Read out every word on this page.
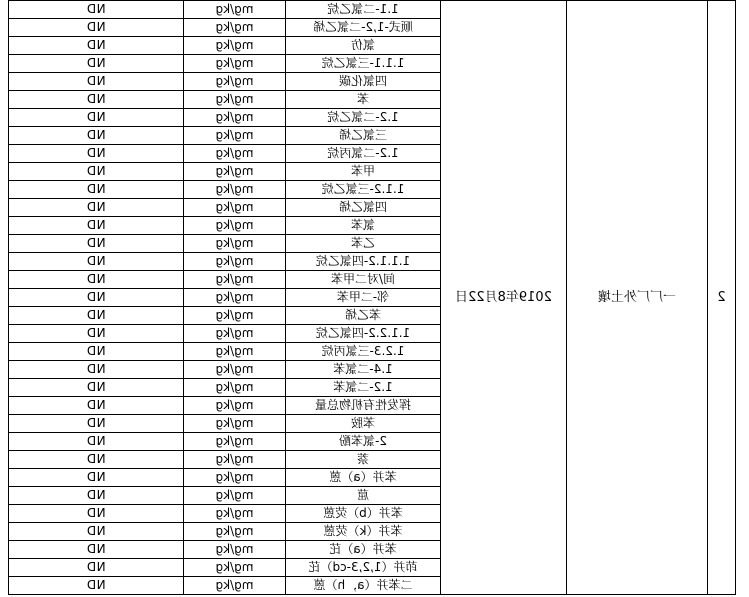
2	一厂厂外土壤	2019年8月22日	1.1-二氯乙烷	mg/kg	ND
			顺式-1,2-二氯乙烯	mg/kg	ND
			氯仿	mg/kg	ND
			1.1.1-三氯乙烷	mg/kg	ND
			四氯化碳	mg/kg	ND
			苯	mg/kg	ND
			1.2-二氯乙烷	mg/kg	ND
			三氯乙烯	mg/kg	ND
			1.2-二氯丙烷	mg/kg	ND
			甲苯	mg/kg	ND
			1.1.2-三氯乙烷	mg/kg	ND
			四氯乙烯	mg/kg	ND
			氯苯	mg/kg	ND
			乙苯	mg/kg	ND
			1.1.1.2-四氯乙烷	mg/kg	ND
			间/对二甲苯	mg/kg	ND
			邻-二甲苯	mg/kg	ND
			苯乙烯	mg/kg	ND
			1.1.2.2-四氯乙烷	mg/kg	ND
			1.2.3-三氯丙烷	mg/kg	ND
			1.4-二氯苯	mg/kg	ND
			1.2-二氯苯	mg/kg	ND
			挥发性有机物总量	mg/kg	ND
			苯胺	mg/kg	ND
			2-氯苯酚	mg/kg	ND
			萘	mg/kg	ND
			苯并（a）蒽	mg/kg	ND
			䓛	mg/kg	ND
			苯并（b）荧蒽	mg/kg	ND
			苯并（k）荧蒽	mg/kg	ND
			苯并（a）芘	mg/kg	ND
			茚并（1,2,3-cd）芘	mg/kg	ND
			二苯并（a，h）蒽	mg/kg	ND
